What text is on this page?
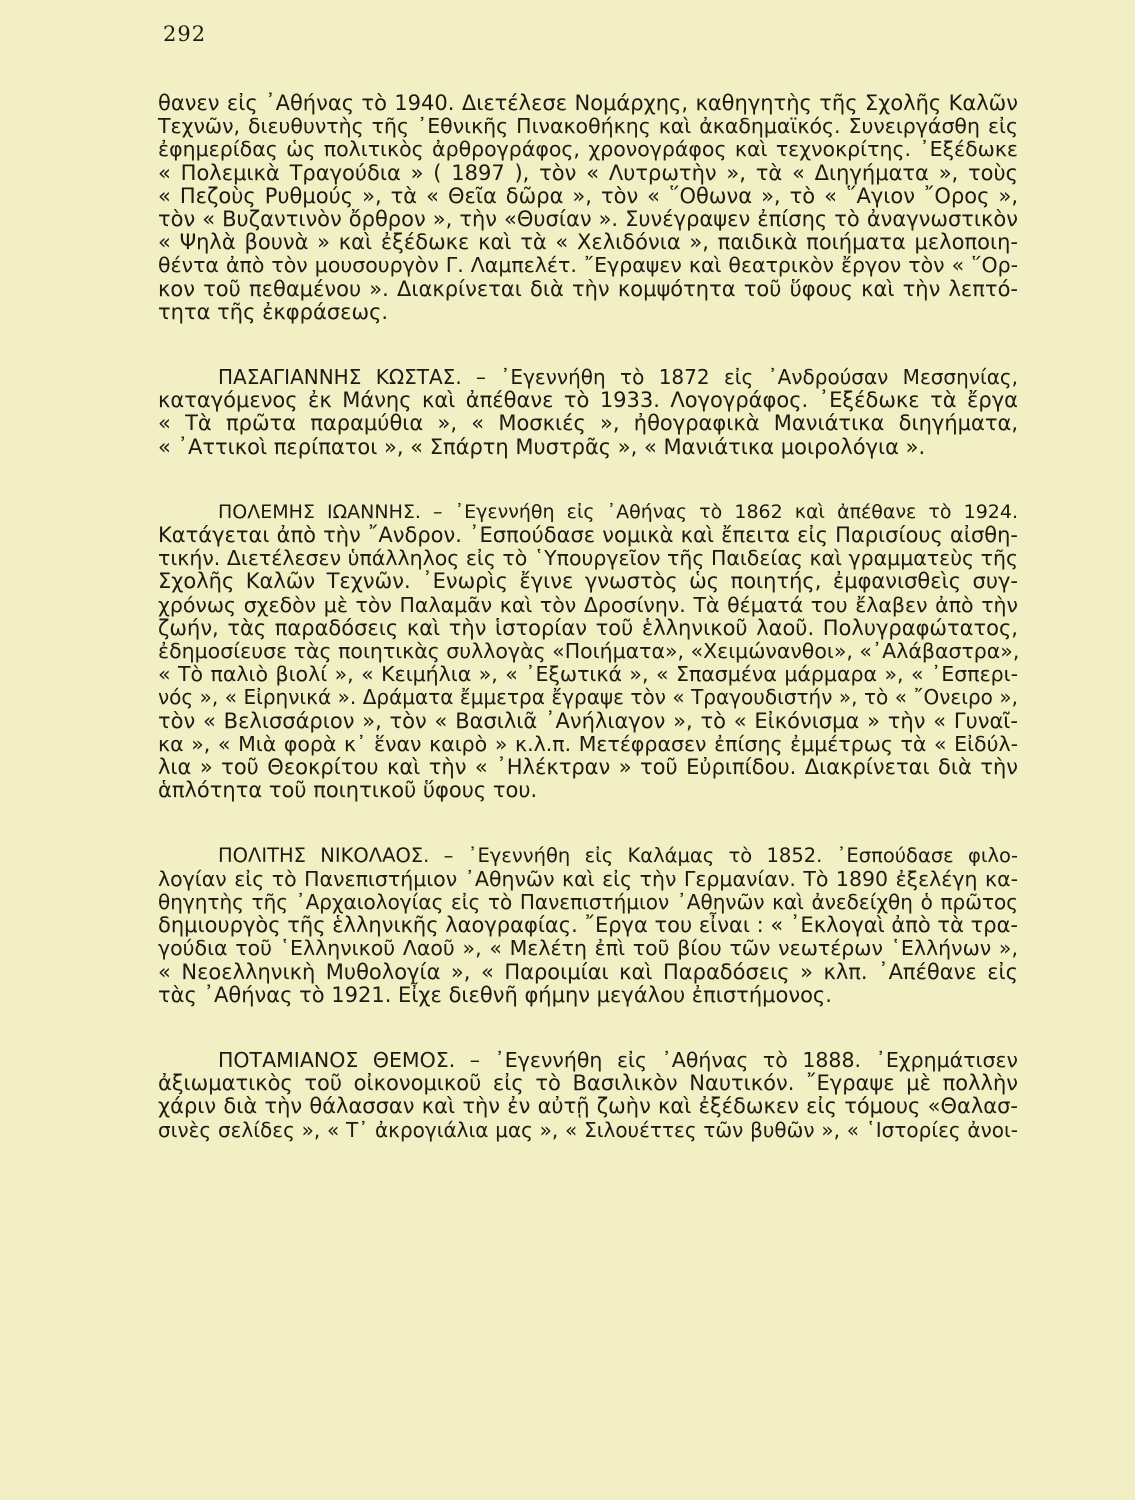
292
θανεν εἰς ᾿Αθήνας τὸ 1940. Διετέλεσε Νομάρχης, καθηγητὴς τῆς Σχολῆς Καλῶν
Τεχνῶν, διευθυντὴς τῆς ᾿Εθνικῆς Πινακοθήκης καὶ ἀκαδημαϊκός. Συνειργάσθη εἰς
ἐφημερίδας ὡς πολιτικὸς ἀρθρογράφος, χρονογράφος καὶ τεχνοκρίτης. ᾿Εξέδωκε
« Πολεμικὰ Τραγούδια » ( 1897 ), τὸν « Λυτρωτὴν », τὰ « Διηγήματα », τοὺς
« Πεζοὺς Ρυθμούς », τὰ « Θεῖα δῶρα », τὸν « ῞Οθωνα », τὸ « ῞Αγιον ῎Ορος »,
τὸν « Βυζαντινὸν ὄρθρον », τὴν «Θυσίαν ». Συνέγραψεν ἐπίσης τὸ ἀναγνωστικὸν
« Ψηλὰ βουνὰ » καὶ ἐξέδωκε καὶ τὰ « Χελιδόνια », παιδικὰ ποιήματα μελοποιη-
θέντα ἀπὸ τὸν μουσουργὸν Γ. Λαμπελέτ. ῎Εγραψεν καὶ θεατρικὸν ἔργον τὸν « ῞Ορ-
κον τοῦ πεθαμένου ». Διακρίνεται διὰ τὴν κομψότητα τοῦ ὕφους καὶ τὴν λεπτό-
τητα τῆς ἐκφράσεως.
ΠΑΣΑΓΙΑΝΝΗΣ ΚΩΣΤΑΣ. – ᾿Εγεννήθη τὸ 1872 εἰς ᾿Ανδρούσαν Μεσσηνίας,
καταγόμενος ἐκ Μάνης καὶ ἀπέθανε τὸ 1933. Λογογράφος. ᾿Εξέδωκε τὰ ἔργα
« Τὰ πρῶτα παραμύθια », « Μοσκιές », ἠθογραφικὰ Μανιάτικα διηγήματα,
« ᾿Αττικοὶ περίπατοι », « Σπάρτη Μυστρᾶς », « Μανιάτικα μοιρολόγια ».
ΠΟΛΕΜΗΣ ΙΩΑΝΝΗΣ. – ᾿Εγεννήθη εἰς ᾿Αθήνας τὸ 1862 καὶ ἀπέθανε τὸ 1924.
Κατάγεται ἀπὸ τὴν ῎Ανδρον. ᾿Εσπούδασε νομικὰ καὶ ἔπειτα εἰς Παρισίους αἰσθη-
τικήν. Διετέλεσεν ὑπάλληλος εἰς τὸ ῾Υπουργεῖον τῆς Παιδείας καὶ γραμματεὺς τῆς
Σχολῆς Καλῶν Τεχνῶν. ᾿Ενωρὶς ἔγινε γνωστὸς ὡς ποιητής, ἐμφανισθεὶς συγ-
χρόνως σχεδὸν μὲ τὸν Παλαμᾶν καὶ τὸν Δροσίνην. Τὰ θέματά του ἔλαβεν ἀπὸ τὴν
ζωήν, τὰς παραδόσεις καὶ τὴν ἱστορίαν τοῦ ἑλληνικοῦ λαοῦ. Πολυγραφώτατος,
ἐδημοσίευσε τὰς ποιητικὰς συλλογὰς «Ποιήματα», «Χειμώνανθοι», «᾿Αλάβαστρα»,
« Τὸ παλιὸ βιολί », « Κειμήλια », « ᾿Εξωτικά », « Σπασμένα μάρμαρα », « ᾿Εσπερι-
νός », « Εἰρηνικά ». Δράματα ἔμμετρα ἔγραψε τὸν « Τραγουδιστήν », τὸ « ῎Ονειρο »,
τὸν « Βελισσάριον », τὸν « Βασιλιᾶ ᾿Ανήλιαγον », τὸ « Εἰκόνισμα » τὴν « Γυναῖ-
κα », « Μιὰ φορὰ κ᾿ ἕναν καιρὸ » κ.λ.π. Μετέφρασεν ἐπίσης ἐμμέτρως τὰ « Εἰδύλ-
λια » τοῦ Θεοκρίτου καὶ τὴν « ᾿Ηλέκτραν » τοῦ Εὐριπίδου. Διακρίνεται διὰ τὴν
ἁπλότητα τοῦ ποιητικοῦ ὕφους του.
ΠΟΛΙΤΗΣ ΝΙΚΟΛΑΟΣ. – ᾿Εγεννήθη εἰς Καλάμας τὸ 1852. ᾿Εσπούδασε φιλο-
λογίαν εἰς τὸ Πανεπιστήμιον ᾿Αθηνῶν καὶ εἰς τὴν Γερμανίαν. Τὸ 1890 ἐξελέγη κα-
θηγητὴς τῆς ᾿Αρχαιολογίας εἰς τὸ Πανεπιστήμιον ᾿Αθηνῶν καὶ ἀνεδείχθη ὁ πρῶτος
δημιουργὸς τῆς ἑλληνικῆς λαογραφίας. ῎Εργα του εἶναι : « ᾿Εκλογαὶ ἀπὸ τὰ τρα-
γούδια τοῦ ῾Ελληνικοῦ Λαοῦ », « Μελέτη ἐπὶ τοῦ βίου τῶν νεωτέρων ῾Ελλήνων »,
« Νεοελληνικὴ Μυθολογία », « Παροιμίαι καὶ Παραδόσεις » κλπ. ᾿Απέθανε εἰς
τὰς ᾿Αθήνας τὸ 1921. Εἶχε διεθνῆ φήμην μεγάλου ἐπιστήμονος.
ΠΟΤΑΜΙΑΝΟΣ ΘΕΜΟΣ. – ᾿Εγεννήθη εἰς ᾿Αθήνας τὸ 1888. ᾿Εχρημάτισεν
ἀξιωματικὸς τοῦ οἰκονομικοῦ εἰς τὸ Βασιλικὸν Ναυτικόν. ῎Εγραψε μὲ πολλὴν
χάριν διὰ τὴν θάλασσαν καὶ τὴν ἐν αὐτῇ ζωὴν καὶ ἐξέδωκεν εἰς τόμους «Θαλασ-
σινὲς σελίδες », « Τ᾿ ἀκρογιάλια μας », « Σιλουέττες τῶν βυθῶν », « ῾Ιστορίες ἀνοι-
